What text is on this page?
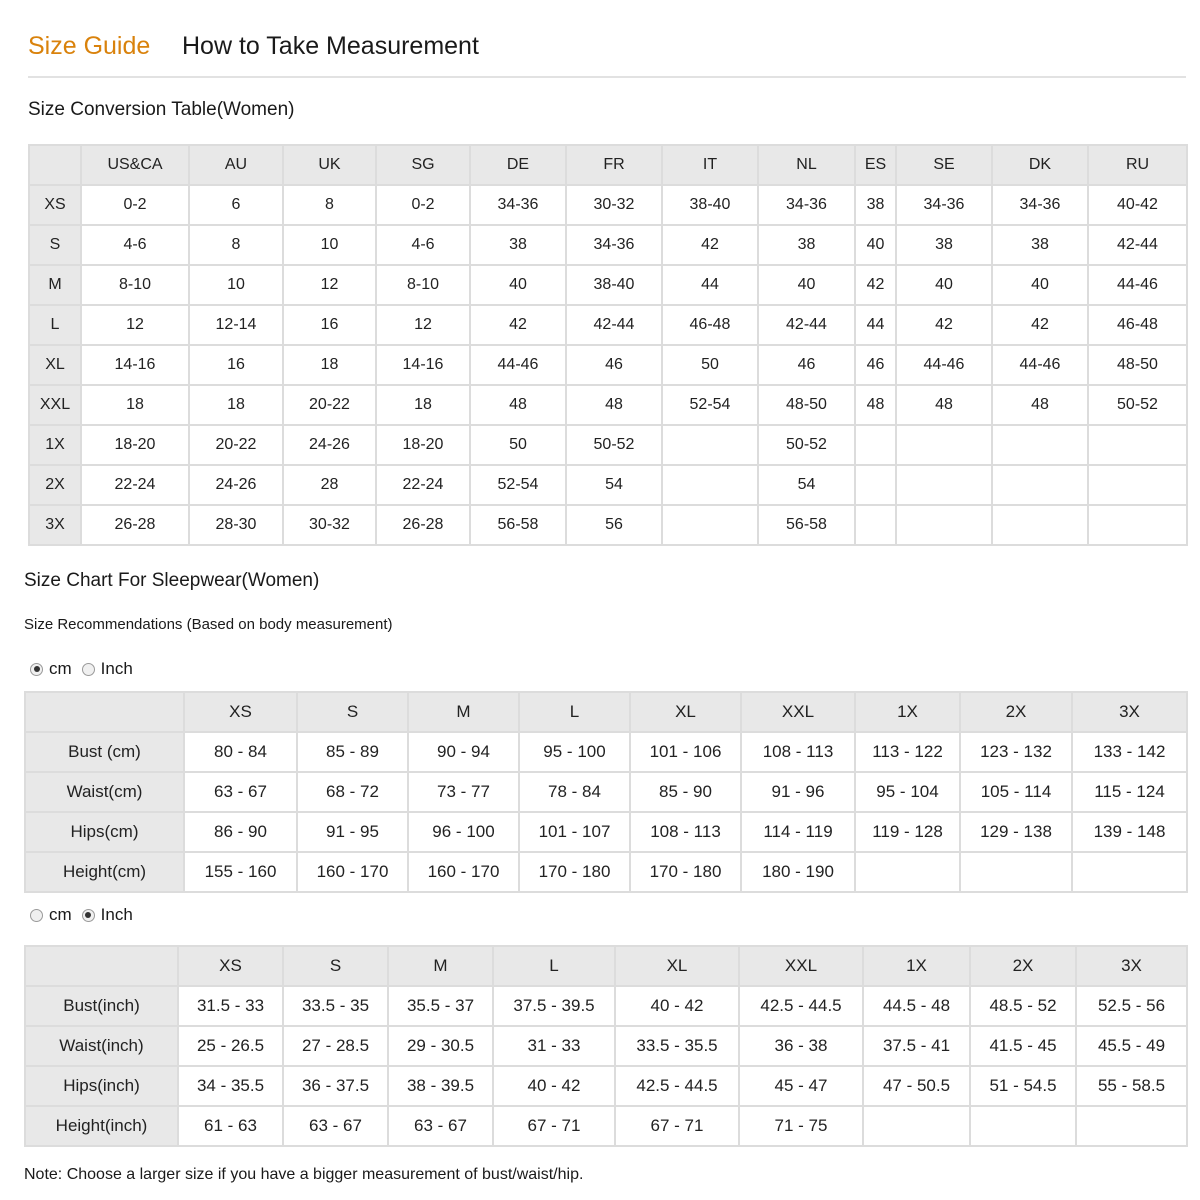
Size Guide How to Take Measurement
Size Conversion Table(Women)
	US&CA	AU	UK	SG	DE	FR	IT	NL	ES	SE	DK	RU
XS	0-2	6	8	0-2	34-36	30-32	38-40	34-36	38	34-36	34-36	40-42
S	4-6	8	10	4-6	38	34-36	42	38	40	38	38	42-44
M	8-10	10	12	8-10	40	38-40	44	40	42	40	40	44-46
L	12	12-14	16	12	42	42-44	46-48	42-44	44	42	42	46-48
XL	14-16	16	18	14-16	44-46	46	50	46	46	44-46	44-46	48-50
XXL	18	18	20-22	18	48	48	52-54	48-50	48	48	48	50-52
1X	18-20	20-22	24-26	18-20	50	50-52		50-52				
2X	22-24	24-26	28	22-24	52-54	54		54				
3X	26-28	28-30	30-32	26-28	56-58	56		56-58				
Size Chart For Sleepwear(Women)
Size Recommendations (Based on body measurement)
cm Inch
	XS	S	M	L	XL	XXL	1X	2X	3X
Bust (cm)	80 - 84	85 - 89	90 - 94	95 - 100	101 - 106	108 - 113	113 - 122	123 - 132	133 - 142
Waist(cm)	63 - 67	68 - 72	73 - 77	78 - 84	85 - 90	91 - 96	95 - 104	105 - 114	115 - 124
Hips(cm)	86 - 90	91 - 95	96 - 100	101 - 107	108 - 113	114 - 119	119 - 128	129 - 138	139 - 148
Height(cm)	155 - 160	160 - 170	160 - 170	170 - 180	170 - 180	180 - 190			
cm Inch
	XS	S	M	L	XL	XXL	1X	2X	3X
Bust(inch)	31.5 - 33	33.5 - 35	35.5 - 37	37.5 - 39.5	40 - 42	42.5 - 44.5	44.5 - 48	48.5 - 52	52.5 - 56
Waist(inch)	25 - 26.5	27 - 28.5	29 - 30.5	31 - 33	33.5 - 35.5	36 - 38	37.5 - 41	41.5 - 45	45.5 - 49
Hips(inch)	34 - 35.5	36 - 37.5	38 - 39.5	40 - 42	42.5 - 44.5	45 - 47	47 - 50.5	51 - 54.5	55 - 58.5
Height(inch)	61 - 63	63 - 67	63 - 67	67 - 71	67 - 71	71 - 75			
Note: Choose a larger size if you have a bigger measurement of bust/waist/hip.
